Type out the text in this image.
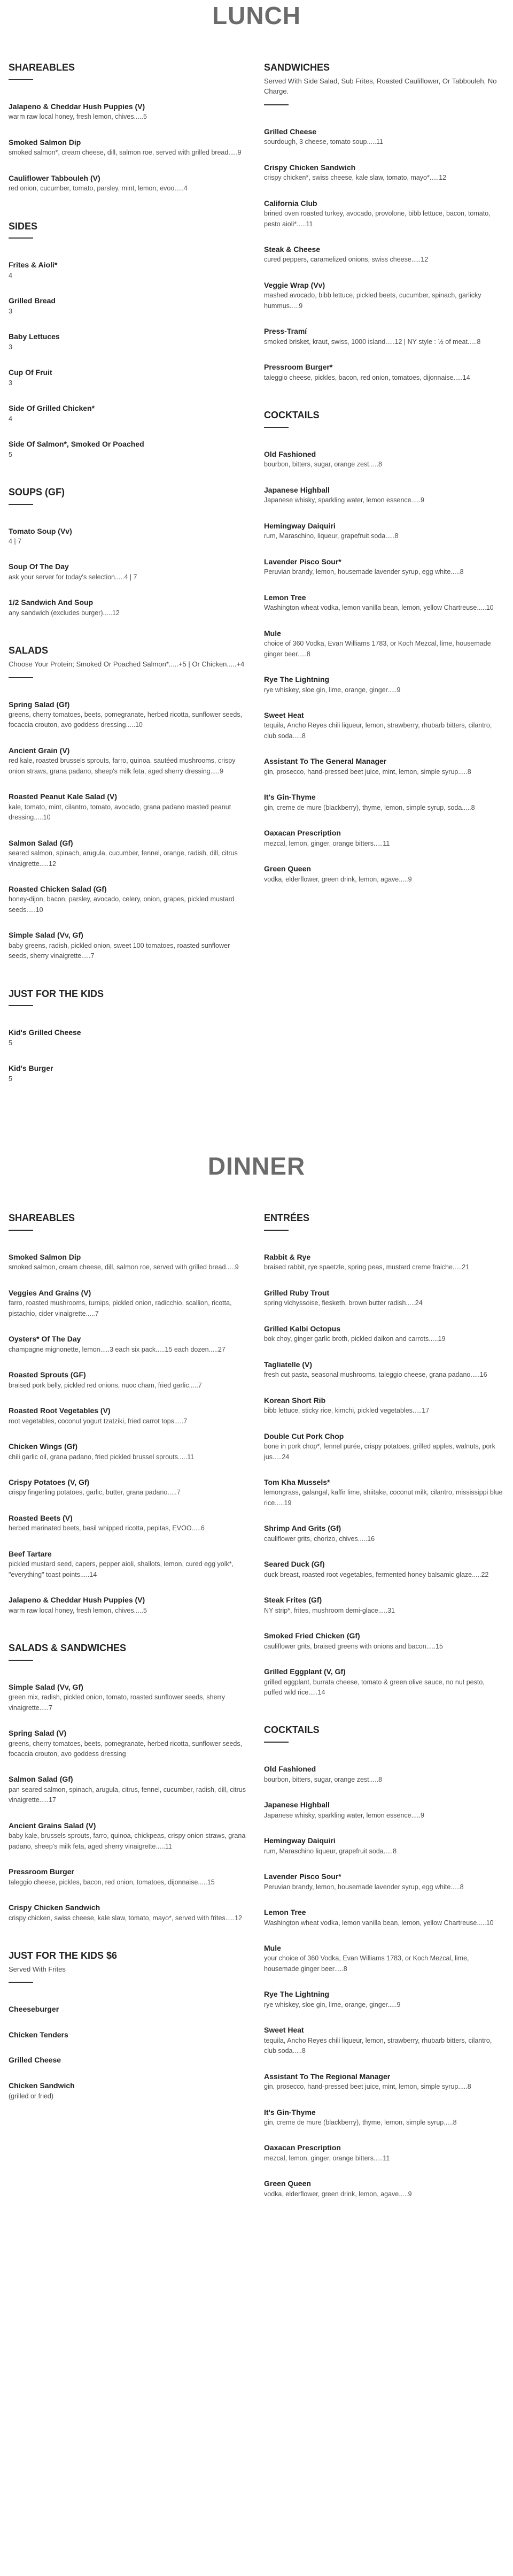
LUNCH
SHAREABLES
Jalapeno & Cheddar Hush Puppies (V)
warm raw local honey, fresh lemon, chives.....5
Smoked Salmon Dip
smoked salmon*, cream cheese, dill, salmon roe, served with grilled bread.....9
Cauliflower Tabbouleh (V)
red onion, cucumber, tomato, parsley, mint, lemon, evoo.....4
SIDES
Frites & Aioli*
4
Grilled Bread
3
Baby Lettuces
3
Cup Of Fruit
3
Side Of Grilled Chicken*
4
Side Of Salmon*, Smoked Or Poached
5
SOUPS (GF)
Tomato Soup (Vv)
4 | 7
Soup Of The Day
ask your server for today's selection.....4 | 7
1/2 Sandwich And Soup
any sandwich (excludes burger).....12
SALADS
Choose Your Protein; Smoked Or Poached Salmon*.....+5 | Or Chicken.....+4
Spring Salad (Gf)
greens, cherry tomatoes, beets, pomegranate, herbed ricotta, sunflower seeds, focaccia crouton, avo goddess dressing.....10
Ancient Grain (V)
red kale, roasted brussels sprouts, farro, quinoa, sautéed mushrooms, crispy onion straws, grana padano, sheep's milk feta, aged sherry dressing.....9
Roasted Peanut Kale Salad (V)
kale, tomato, mint, cilantro, tomato, avocado, grana padano roasted peanut dressing.....10
Salmon Salad (Gf)
seared salmon, spinach, arugula, cucumber, fennel, orange, radish, dill, citrus vinaigrette.....12
Roasted Chicken Salad (Gf)
honey-dijon, bacon, parsley, avocado, celery, onion, grapes, pickled mustard seeds.....10
Simple Salad (Vv, Gf)
baby greens, radish, pickled onion, sweet 100 tomatoes, roasted sunflower seeds, sherry vinaigrette.....7
JUST FOR THE KIDS
Kid's Grilled Cheese
5
Kid's Burger
5
SANDWICHES
Served With Side Salad, Sub Frites, Roasted Cauliflower, Or Tabbouleh, No Charge.
Grilled Cheese
sourdough, 3 cheese, tomato soup.....11
Crispy Chicken Sandwich
crispy chicken*, swiss cheese, kale slaw, tomato, mayo*.....12
California Club
brined oven roasted turkey, avocado, provolone, bibb lettuce, bacon, tomato, pesto aioli*.....11
Steak & Cheese
cured peppers, caramelized onions, swiss cheese.....12
Veggie Wrap (Vv)
mashed avocado, bibb lettuce, pickled beets, cucumber, spinach, garlicky hummus.....9
Press-Tramí
smoked brisket, kraut, swiss, 1000 island.....12 | NY style : ½ of meat.....8
Pressroom Burger*
taleggio cheese, pickles, bacon, red onion, tomatoes, dijonnaise.....14
COCKTAILS
Old Fashioned
bourbon, bitters, sugar, orange zest.....8
Japanese Highball
Japanese whisky, sparkling water, lemon essence.....9
Hemingway Daiquiri
rum, Maraschino, liqueur, grapefruit soda.....8
Lavender Pisco Sour*
Peruvian brandy, lemon, housemade lavender syrup, egg white.....8
Lemon Tree
Washington wheat vodka, lemon vanilla bean, lemon, yellow Chartreuse.....10
Mule
choice of 360 Vodka, Evan Williams 1783, or Koch Mezcal, lime, housemade ginger beer.....8
Rye The Lightning
rye whiskey, sloe gin, lime, orange, ginger.....9
Sweet Heat
tequila, Ancho Reyes chili liqueur, lemon, strawberry, rhubarb bitters, cilantro, club soda.....8
Assistant To The General Manager
gin, prosecco, hand-pressed beet juice, mint, lemon, simple syrup.....8
It's Gin-Thyme
gin, creme de mure (blackberry), thyme, lemon, simple syrup, soda.....8
Oaxacan Prescription
mezcal, lemon, ginger, orange bitters.....11
Green Queen
vodka, elderflower, green drink, lemon, agave.....9
DINNER
SHAREABLES
Smoked Salmon Dip
smoked salmon, cream cheese, dill, salmon roe, served with grilled bread.....9
Veggies And Grains (V)
farro, roasted mushrooms, turnips, pickled onion, radicchio, scallion, ricotta, pistachio, cider vinaigrette.....7
Oysters* Of The Day
champagne mignonette, lemon.....3 each six pack.....15 each dozen.....27
Roasted Sprouts (GF)
braised pork belly, pickled red onions, nuoc cham, fried garlic.....7
Roasted Root Vegetables (V)
root vegetables, coconut yogurt tzatziki, fried carrot tops.....7
Chicken Wings (Gf)
chili garlic oil, grana padano, fried pickled brussel sprouts.....11
Crispy Potatoes (V, Gf)
crispy fingerling potatoes, garlic, butter, grana padano.....7
Roasted Beets (V)
herbed marinated beets, basil whipped ricotta, pepitas, EVOO.....6
Beef Tartare
pickled mustard seed, capers, pepper aioli, shallots, lemon, cured egg yolk*, "everything" toast points.....14
Jalapeno & Cheddar Hush Puppies (V)
warm raw local honey, fresh lemon, chives.....5
SALADS & SANDWICHES
Simple Salad (Vv, Gf)
green mix, radish, pickled onion, tomato, roasted sunflower seeds, sherry vinaigrette.....7
Spring Salad (V)
greens, cherry tomatoes, beets, pomegranate, herbed ricotta, sunflower seeds, focaccia crouton, avo goddess dressing
Salmon Salad (Gf)
pan seared salmon, spinach, arugula, citrus, fennel, cucumber, radish, dill, citrus vinaigrette.....17
Ancient Grains Salad (V)
baby kale, brussels sprouts, farro, quinoa, chickpeas, crispy onion straws, grana padano, sheep's milk feta, aged sherry vinaigrette.....11
Pressroom Burger
taleggio cheese, pickles, bacon, red onion, tomatoes, dijonnaise.....15
Crispy Chicken Sandwich
crispy chicken, swiss cheese, kale slaw, tomato, mayo*, served with frites.....12
JUST FOR THE KIDS $6
Served With Frites
Cheeseburger
Chicken Tenders
Grilled Cheese
Chicken Sandwich
(grilled or fried)
ENTRÉES
Rabbit & Rye
braised rabbit, rye spaetzle, spring peas, mustard creme fraiche.....21
Grilled Ruby Trout
spring vichyssoise, fiesketh, brown butter radish.....24
Grilled Kalbi Octopus
bok choy, ginger garlic broth, pickled daikon and carrots.....19
Tagliatelle (V)
fresh cut pasta, seasonal mushrooms, taleggio cheese, grana padano.....16
Korean Short Rib
bibb lettuce, sticky rice, kimchi, pickled vegetables.....17
Double Cut Pork Chop
bone in pork chop*, fennel purée, crispy potatoes, grilled apples, walnuts, pork jus.....24
Tom Kha Mussels*
lemongrass, galangal, kaffir lime, shiitake, coconut milk, cilantro, mississippi blue rice.....19
Shrimp And Grits (Gf)
cauliflower grits, chorizo, chives.....16
Seared Duck (Gf)
duck breast, roasted root vegetables, fermented honey balsamic glaze.....22
Steak Frites (Gf)
NY strip*, frites, mushroom demi-glace.....31
Smoked Fried Chicken (Gf)
cauliflower grits, braised greens with onions and bacon.....15
Grilled Eggplant (V, Gf)
grilled eggplant, burrata cheese, tomato & green olive sauce, no nut pesto, puffed wild rice.....14
COCKTAILS
Old Fashioned
bourbon, bitters, sugar, orange zest.....8
Japanese Highball
Japanese whisky, sparkling water, lemon essence.....9
Hemingway Daiquiri
rum, Maraschino liqueur, grapefruit soda.....8
Lavender Pisco Sour*
Peruvian brandy, lemon, housemade lavender syrup, egg white.....8
Lemon Tree
Washington wheat vodka, lemon vanilla bean, lemon, yellow Chartreuse.....10
Mule
your choice of 360 Vodka, Evan Williams 1783, or Koch Mezcal, lime, housemade ginger beer.....8
Rye The Lightning
rye whiskey, sloe gin, lime, orange, ginger.....9
Sweet Heat
tequila, Ancho Reyes chili liqueur, lemon, strawberry, rhubarb bitters, cilantro, club soda.....8
Assistant To The Regional Manager
gin, prosecco, hand-pressed beet juice, mint, lemon, simple syrup.....8
It's Gin-Thyme
gin, creme de mure (blackberry), thyme, lemon, simple syrup.....8
Oaxacan Prescription
mezcal, lemon, ginger, orange bitters.....11
Green Queen
vodka, elderflower, green drink, lemon, agave.....9
